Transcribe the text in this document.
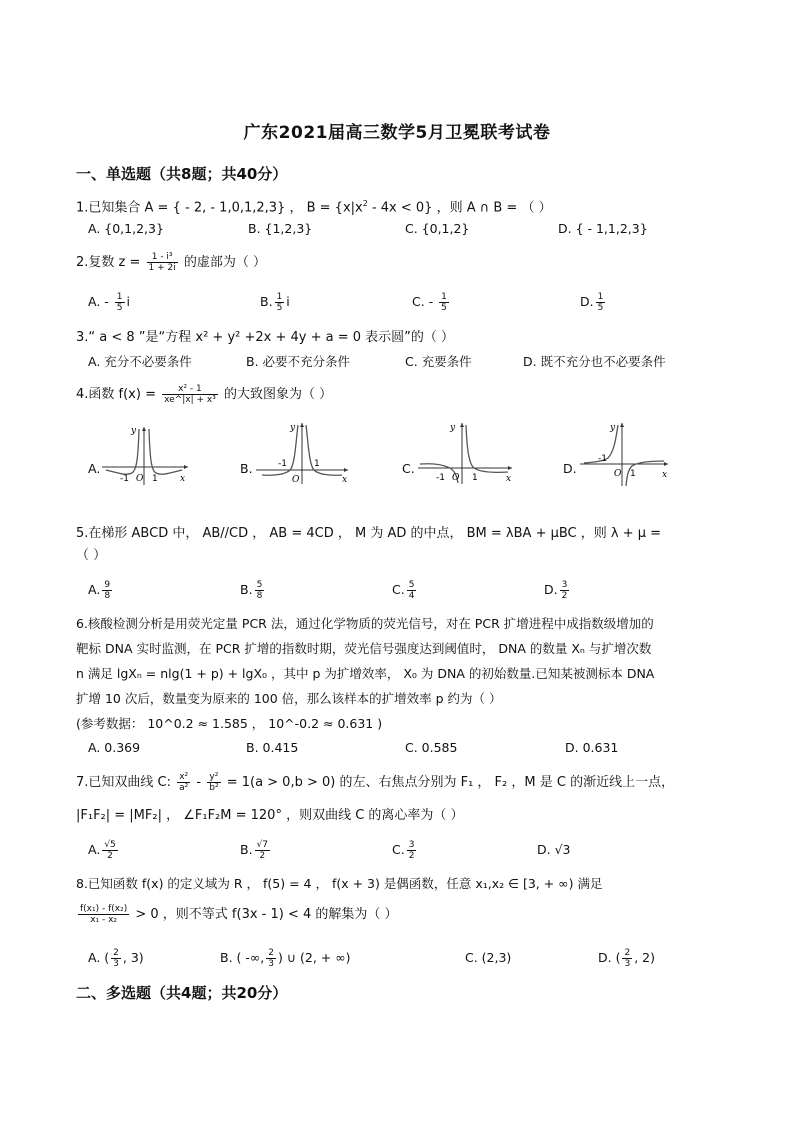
广东2021届高三数学5月卫冕联考试卷
一、单选题（共8题；共40分）
1.已知集合 A = { - 2, - 1,0,1,2,3} ， $B = \{x|x^2 - 4x < 0\}$ ，则 A ∩ B = （ ）
A. {0,1,2,3}	B. {1,2,3}	C. {0,1,2}	D. { - 1,1,2,3}
2.复数 $z = \frac{\text{1 - i³}}{1 + 2i}$ 的虚部为（ ）
A. - $\frac{1}{5}$ i	B. $\frac{1}{5}$ i	C. - $\frac{1}{5}$	D. $\frac{1}{5}$
3.“ a < 8 ”是“方程 x² + y² +2x + 4y + a = 0 表示圆”的（ ）
A. 充分不必要条件	B. 必要不充分条件	C. 充要条件	D. 既不充分也不必要条件
4.函数 $f(x) = \frac{\text{x² - 1}}{\text{xe\textasciicircum{}|x| + x³}}$ 的大致图象为（ ）
A.
y
x
-1 O 1
B.
y
x
-1
O
1	C.
y
x
-1 O 1
D.
y
x
-1
O 1
5.在梯形 ABCD 中， AB//CD ， AB = 4CD ， M 为 AD 的中点， BM = λBA + μBC ，则 λ + μ =
（ ）
A. $\frac{9}{8}$	B. $\frac{5}{8}$	C. $\frac{5}{4}$	D. $\frac{3}{2}$
6.核酸检测分析是用荧光定量 PCR 法，通过化学物质的荧光信号，对在 PCR 扩增进程中成指数级增加的
靶标 DNA 实时监测，在 PCR 扩增的指数时期，荧光信号强度达到阈值时， DNA 的数量 Xₙ 与扩增次数
n 满足 lgXₙ = nlg(1 + p) + lgX₀ ，其中 p 为扩增效率， X₀ 为 DNA 的初始数量.已知某被测标本 DNA
扩增 10 次后，数量变为原来的 100 倍，那么该样本的扩增效率 p 约为（ ）
(参考数据： 10^0.2 ≈ 1.585 ， 10^-0.2 ≈ 0.631 )
A. 0.369	B. 0.415	C. 0.585	D. 0.631
7.已知双曲线 C: $\frac{\text{x²}}{\text{a²}} - \frac{\text{y²}}{\text{b²}} = 1(a > 0,b > 0)$ 的左、右焦点分别为 F₁ ， F₂ ，M 是 C 的渐近线上一点，
|F₁F₂| = |MF₂| ， ∠F₁F₂M = 120° ，则双曲线 C 的离心率为（ ）
A. $\frac{√5}{2}$	B. $\frac{√7}{2}$	C. $\frac{3}{2}$	D. √3
8.已知函数 f(x) 的定义域为 R ， f(5) = 4 ， f(x + 3) 是偶函数，任意 x₁,x₂ ∈ [3, + ∞) 满足
$\frac{\text{f(x₁) - f(x₂)}}{\text{x₁ - x₂}} > 0$ ，则不等式 f(3x - 1) < 4 的解集为（ ）
A. ( $\frac{2}{3}$ , 3)	B. ( -∞, $\frac{2}{3}$ ) ∪ (2, + ∞)	C. (2,3)	D. ( $\frac{2}{3}$ , 2)
二、多选题（共4题；共20分）
